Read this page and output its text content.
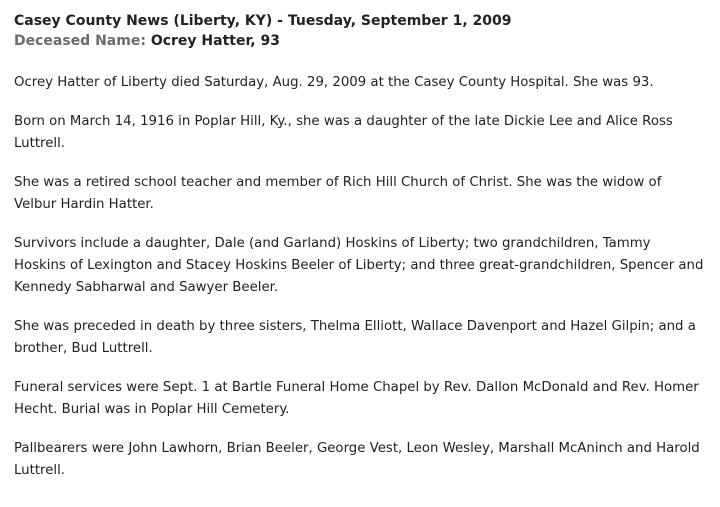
Casey County News (Liberty, KY) - Tuesday, September 1, 2009
Deceased Name: Ocrey Hatter, 93

Ocrey Hatter of Liberty died Saturday, Aug. 29, 2009 at the Casey County Hospital. She was 93.

Born on March 14, 1916 in Poplar Hill, Ky., she was a daughter of the late Dickie Lee and Alice Ross Luttrell.

She was a retired school teacher and member of Rich Hill Church of Christ. She was the widow of Velbur Hardin Hatter.

Survivors include a daughter, Dale (and Garland) Hoskins of Liberty; two grandchildren, Tammy Hoskins of Lexington and Stacey Hoskins Beeler of Liberty; and three great-grandchildren, Spencer and Kennedy Sabharwal and Sawyer Beeler.

She was preceded in death by three sisters, Thelma Elliott, Wallace Davenport and Hazel Gilpin; and a brother, Bud Luttrell.

Funeral services were Sept. 1 at Bartle Funeral Home Chapel by Rev. Dallon McDonald and Rev. Homer Hecht. Burial was in Poplar Hill Cemetery.

Pallbearers were John Lawhorn, Brian Beeler, George Vest, Leon Wesley, Marshall McAninch and Harold Luttrell.
